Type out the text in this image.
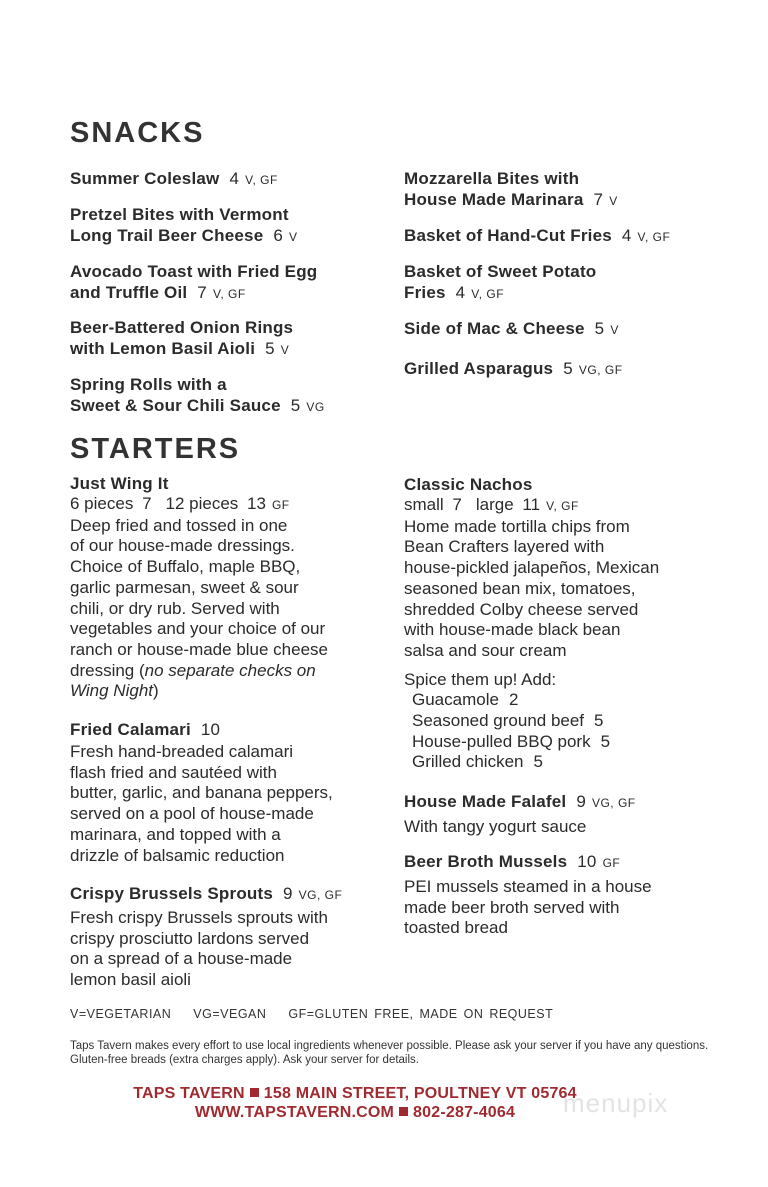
SNACKS
Summer Coleslaw 4 V, GF
Pretzel Bites with Vermont
Long Trail Beer Cheese 6 V
Avocado Toast with Fried Egg
and Truffle Oil 7 V, GF
Beer-Battered Onion Rings
with Lemon Basil Aioli 5 V
Spring Rolls with a
Sweet & Sour Chili Sauce 5 VG
Mozzarella Bites with
House Made Marinara 7 V
Basket of Hand-Cut Fries 4 V, GF
Basket of Sweet Potato
Fries 4 V, GF
Side of Mac & Cheese 5 V
Grilled Asparagus 5 VG, GF
STARTERS
Just Wing It
6 pieces 7 12 pieces 13 GF
Deep fried and tossed in one
of our house-made dressings.
Choice of Buffalo, maple BBQ,
garlic parmesan, sweet & sour
chili, or dry rub. Served with
vegetables and your choice of our
ranch or house-made blue cheese
dressing (no separate checks on
Wing Night)
Fried Calamari 10
Fresh hand-breaded calamari
flash fried and sautéed with
butter, garlic, and banana peppers,
served on a pool of house-made
marinara, and topped with a
drizzle of balsamic reduction
Crispy Brussels Sprouts 9 VG, GF
Fresh crispy Brussels sprouts with
crispy prosciutto lardons served
on a spread of a house-made
lemon basil aioli
Classic Nachos
small 7 large 11 V, GF
Home made tortilla chips from
Bean Crafters layered with
house-pickled jalapeños, Mexican
seasoned bean mix, tomatoes,
shredded Colby cheese served
with house-made black bean
salsa and sour cream
Spice them up! Add:
Guacamole 2
Seasoned ground beef 5
House-pulled BBQ pork 5
Grilled chicken 5
House Made Falafel 9 VG, GF
With tangy yogurt sauce
Beer Broth Mussels 10 GF
PEI mussels steamed in a house
made beer broth served with
toasted bread
V=VEGETARIAN VG=VEGAN GF=GLUTEN FREE, MADE ON REQUEST
Taps Tavern makes every effort to use local ingredients whenever possible. Please ask your server if you have any questions.
Gluten-free breads (extra charges apply). Ask your server for details.
TAPS TAVERN 158 MAIN STREET, POULTNEY VT 05764
WWW.TAPSTAVERN.COM 802-287-4064	menupix
